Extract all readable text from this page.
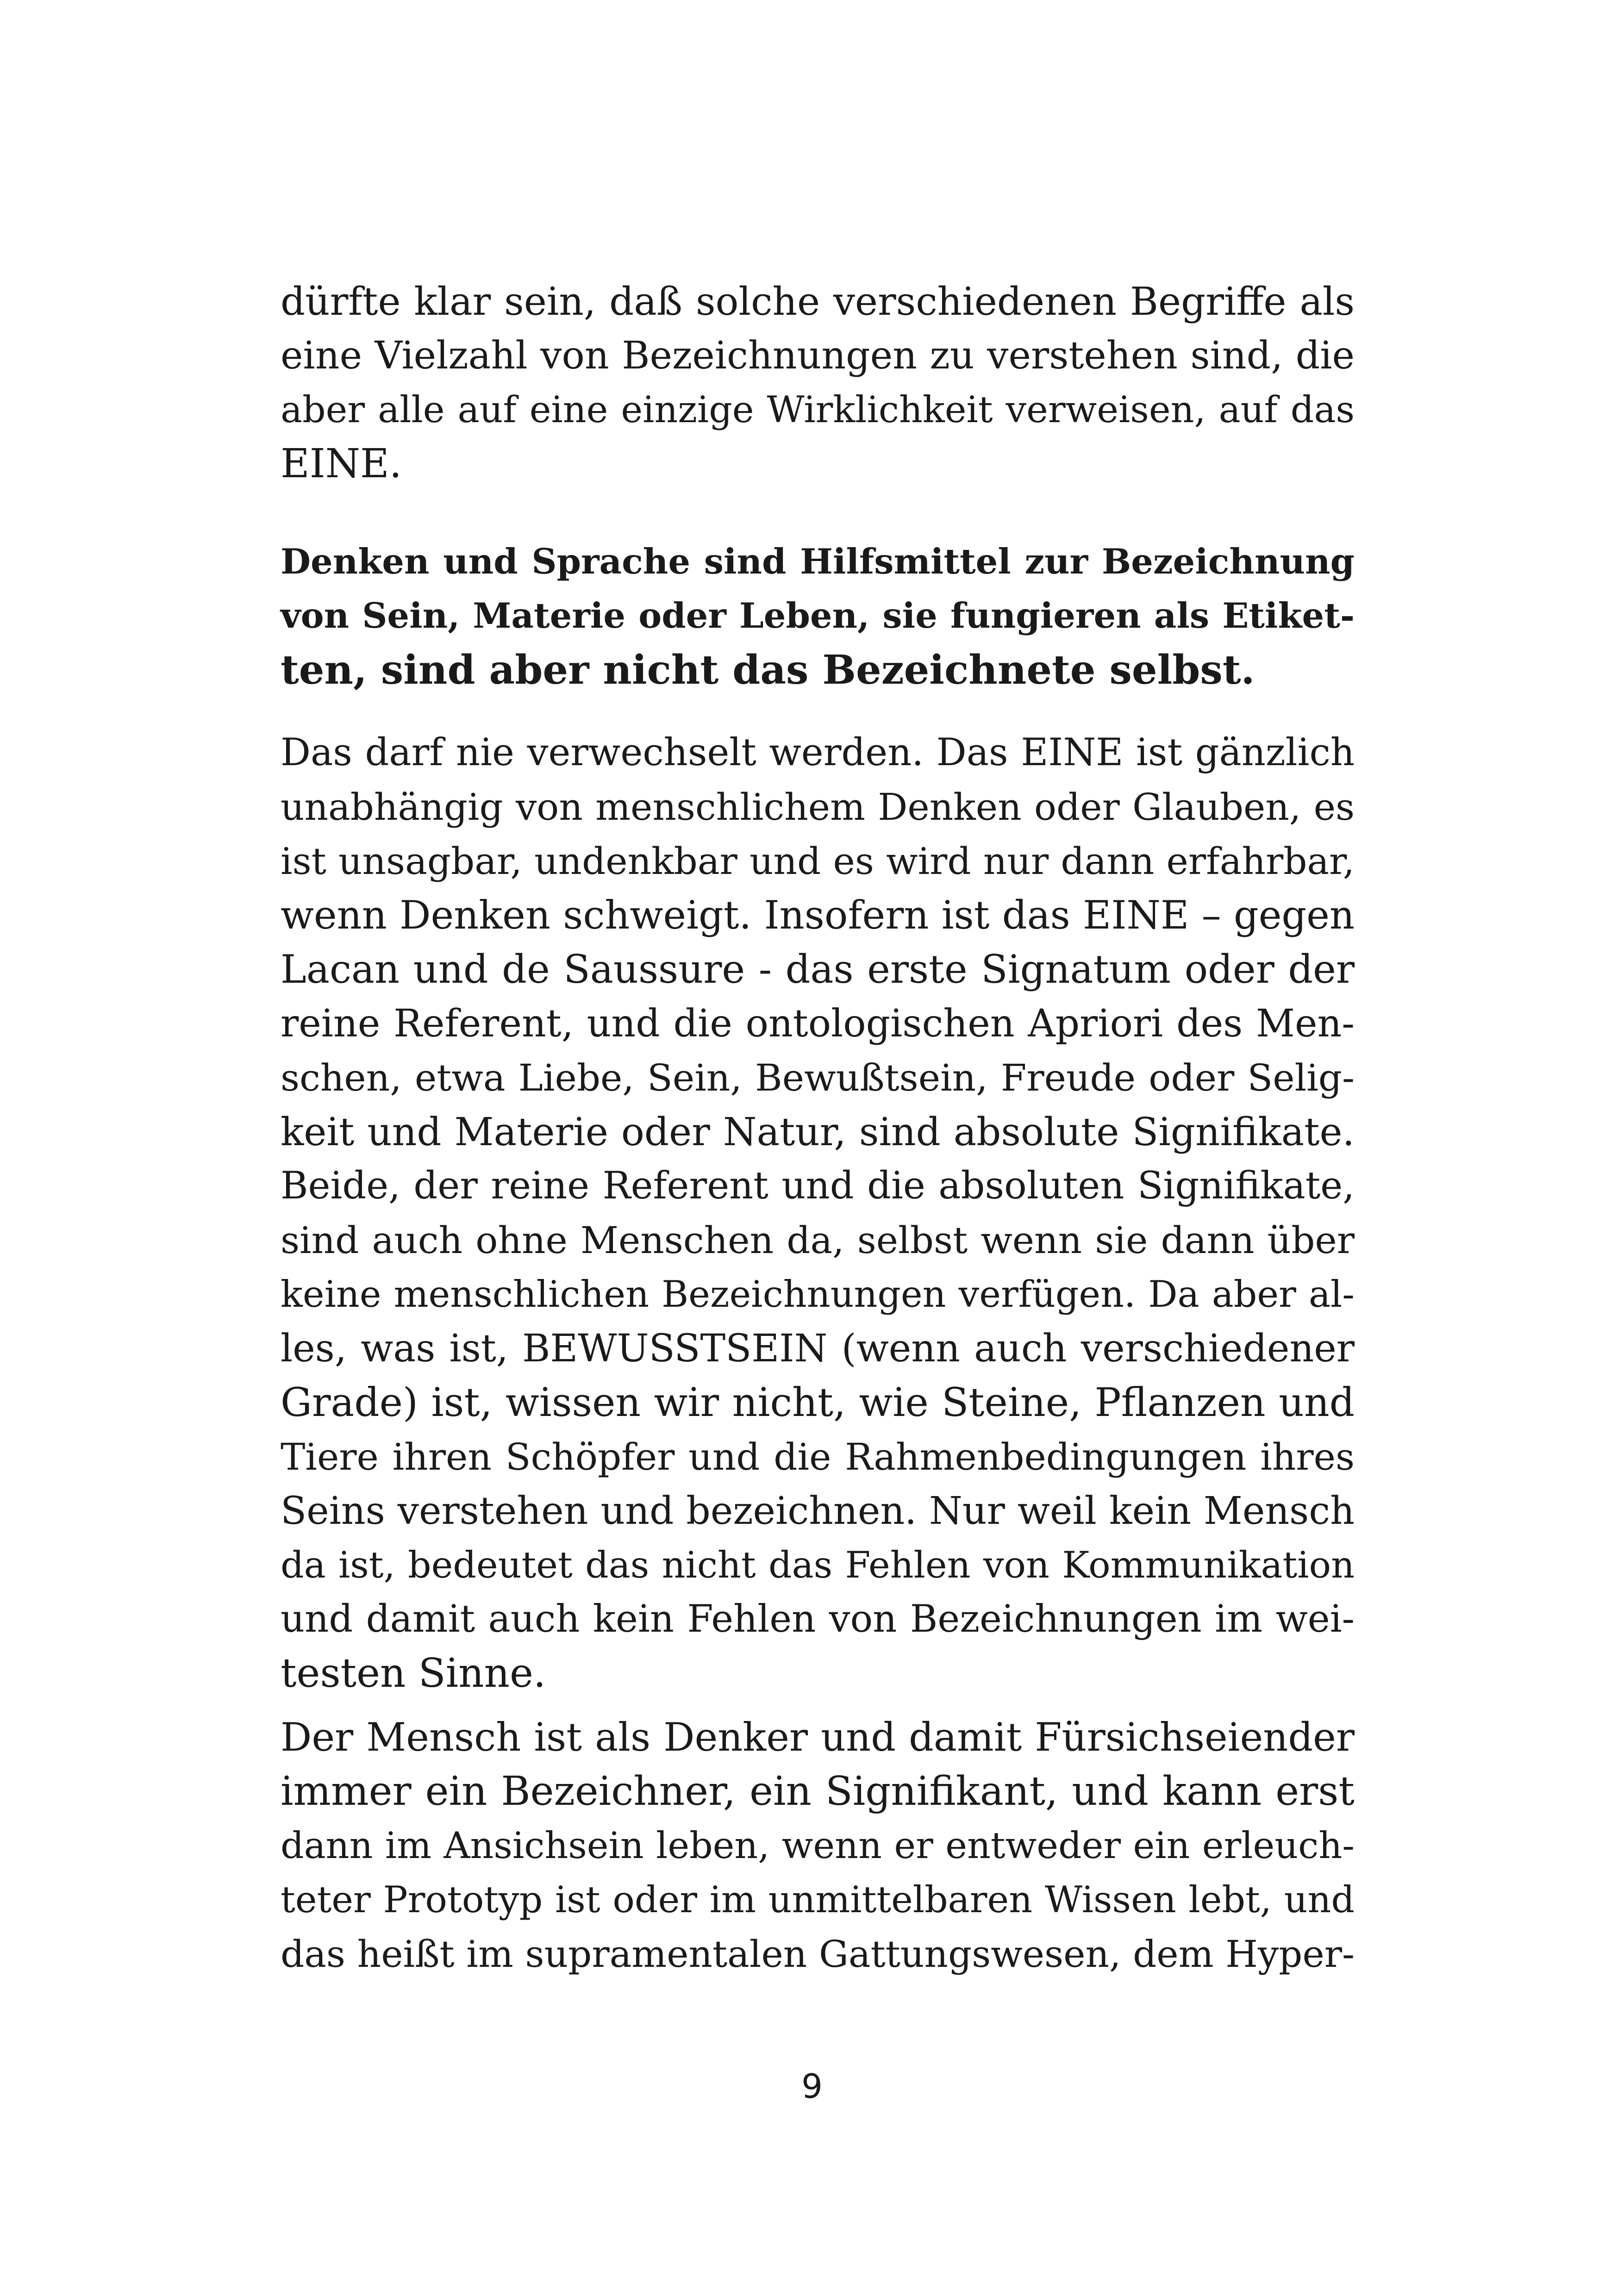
dürfte klar sein, daß solche verschiedenen Begriffe als
eine Vielzahl von Bezeichnungen zu verstehen sind, die
aber alle auf eine einzige Wirklichkeit verweisen, auf das
EINE.
Denken und Sprache sind Hilfsmittel zur Bezeichnung
von Sein, Materie oder Leben, sie fungieren als Etiket-
ten, sind aber nicht das Bezeichnete selbst.
Das darf nie verwechselt werden. Das EINE ist gänzlich
unabhängig von menschlichem Denken oder Glauben, es
ist unsagbar, undenkbar und es wird nur dann erfahrbar,
wenn Denken schweigt. Insofern ist das EINE – gegen
Lacan und de Saussure - das erste Signatum oder der
reine Referent, und die ontologischen Apriori des Men-
schen, etwa Liebe, Sein, Bewußtsein, Freude oder Selig-
keit und Materie oder Natur, sind absolute Signifikate.
Beide, der reine Referent und die absoluten Signifikate,
sind auch ohne Menschen da, selbst wenn sie dann über
keine menschlichen Bezeichnungen verfügen. Da aber al-
les, was ist, BEWUSSTSEIN (wenn auch verschiedener
Grade) ist, wissen wir nicht, wie Steine, Pflanzen und
Tiere ihren Schöpfer und die Rahmenbedingungen ihres
Seins verstehen und bezeichnen. Nur weil kein Mensch
da ist, bedeutet das nicht das Fehlen von Kommunikation
und damit auch kein Fehlen von Bezeichnungen im wei-
testen Sinne.
Der Mensch ist als Denker und damit Fürsichseiender
immer ein Bezeichner, ein Signifikant, und kann erst
dann im Ansichsein leben, wenn er entweder ein erleuch-
teter Prototyp ist oder im unmittelbaren Wissen lebt, und
das heißt im supramentalen Gattungswesen, dem Hyper-
9
